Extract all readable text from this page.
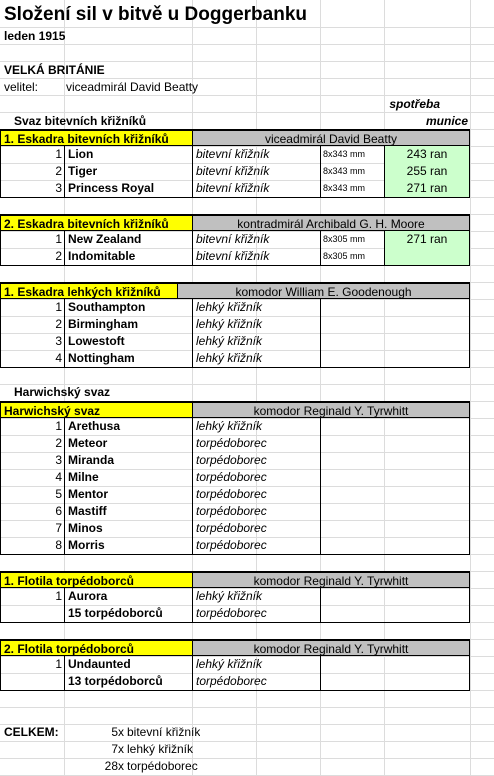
Složení sil v bitvě u Doggerbanku
leden 1915
VELKÁ BRITÁNIE
velitel: viceadmirál David Beatty
spotřeba
Svaz bitevních křižníků	munice
1. Eskadra bitevních křižníků	viceadmirál David Beatty
1 Lion	bitevní křižník	8x343 mm	243 ran
2 Tiger	bitevní křižník	8x343 mm	255 ran
3 Princess Royal	bitevní křižník	8x343 mm	271 ran
2. Eskadra bitevních křižníků	kontradmirál Archibald G. H. Moore
1 New Zealand	bitevní křižník	8x305 mm	271 ran
2 Indomitable	bitevní křižník	8x305 mm
1. Eskadra lehkých křižníků	komodor William E. Goodenough
1 Southampton	lehký křižník
2 Birmingham	lehký křižník
3 Lowestoft	lehký křižník
4 Nottingham	lehký křižník
Harwichský svaz	komodor Reginald Y. Tyrwhitt
1 Arethusa	lehký křižník
2 Meteor	torpédoborec
3 Miranda	torpédoborec
4 Milne	torpédoborec
5 Mentor	torpédoborec
6 Mastiff	torpédoborec
7 Minos	torpédoborec
8 Morris	torpédoborec
1. Flotila torpédoborců	komodor Reginald Y. Tyrwhitt
1 Aurora	lehký křižník
15 torpédoborců	torpédoborec
2. Flotila torpédoborců	komodor Reginald Y. Tyrwhitt
1 Undaunted	lehký křižník
13 torpédoborců	torpédoborec
Harwichský svaz
CELKEM:	5x bitevní křižník
7x lehký křižník
28x torpédoborec
